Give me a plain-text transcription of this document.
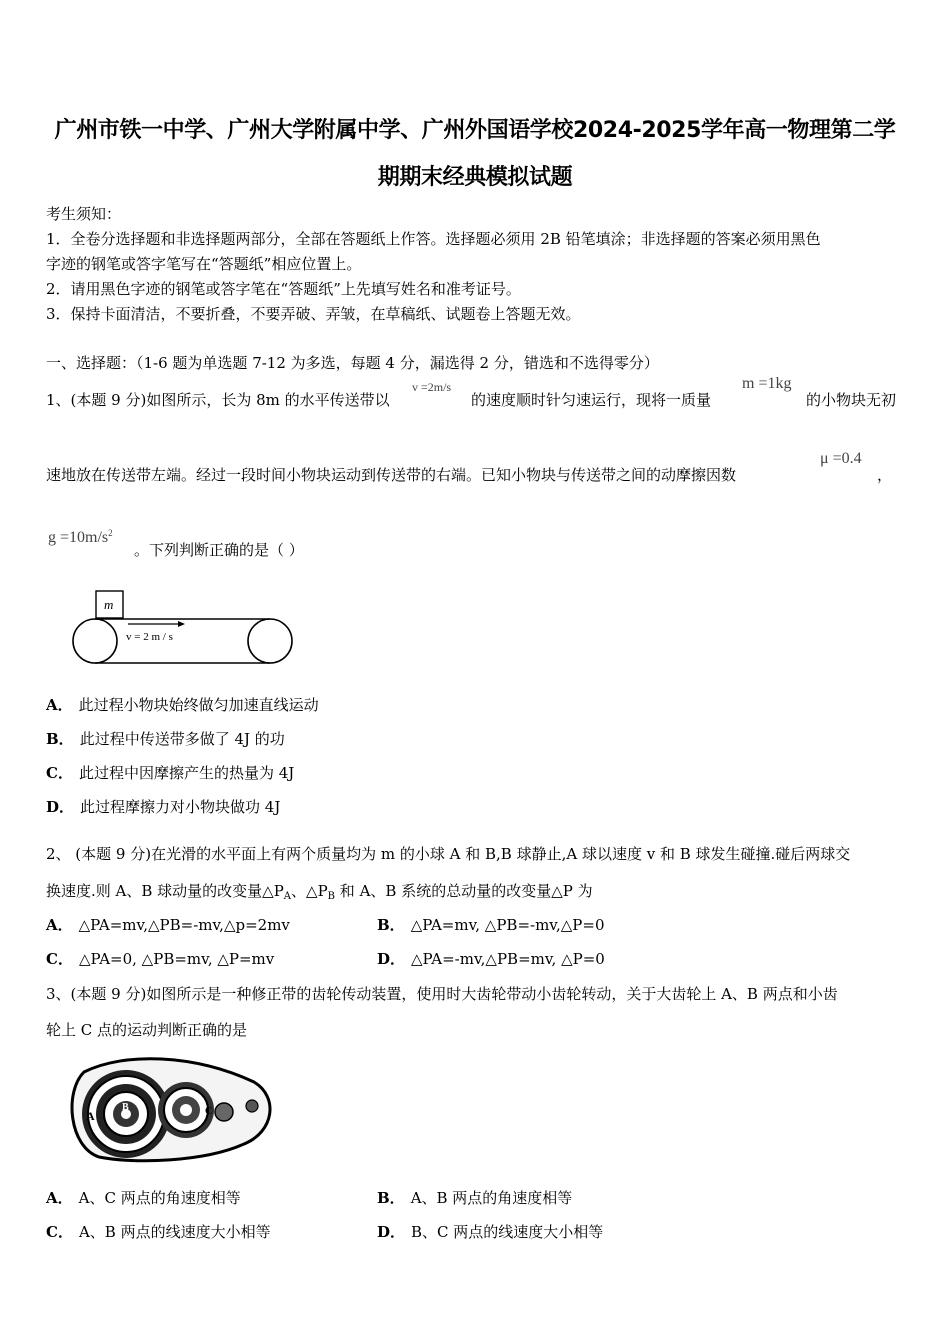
广州市铁一中学、广州大学附属中学、广州外国语学校2024-2025学年高一物理第二学
期期末经典模拟试题
考生须知：
1．全卷分选择题和非选择题两部分，全部在答题纸上作答。选择题必须用 2B 铅笔填涂；非选择题的答案必须用黑色
字迹的钢笔或答字笔写在“答题纸”相应位置上。
2．请用黑色字迹的钢笔或答字笔在“答题纸”上先填写姓名和准考证号。
3．保持卡面清洁，不要折叠，不要弄破、弄皱，在草稿纸、试题卷上答题无效。
一、选择题：（1-6 题为单选题 7-12 为多选，每题 4 分，漏选得 2 分，错选和不选得零分）
1、(本题 9 分)如图所示，长为 8m 的水平传送带以
v =2m/s
的速度顺时针匀速运行，现将一质量
m =1kg
的小物块无初
速地放在传送带左端。经过一段时间小物块运动到传送带的右端。已知小物块与传送带之间的动摩擦因数
μ =0.4
，
$g =10m/s^2$
。下列判断正确的是（ ）
m
v = 2 m / s
A． 此过程小物块始终做匀加速直线运动
B． 此过程中传送带多做了 4J 的功
C． 此过程中因摩擦产生的热量为 4J
D． 此过程摩擦力对小物块做功 4J
2、 (本题 9 分)在光滑的水平面上有两个质量均为 m 的小球 A 和 B,B 球静止,A 球以速度 v 和 B 球发生碰撞.碰后两球交
换速度.则 A、B 球动量的改变量$\triangle P_A$、$\triangle P_B$ 和 A、B 系统的总动量的改变量△P 为
A． △PA=mv,△PB=-mv,△p=2mv	B． △PA=mv, △PB=-mv,△P=0
C． △PA=0, △PB=mv, △P=mv	D． △PA=-mv,△PB=mv, △P=0
3、(本题 9 分)如图所示是一种修正带的齿轮传动装置，使用时大齿轮带动小齿轮转动，关于大齿轮上 A、B 两点和小齿
轮上 C 点的运动判断正确的是
A
B	C
A． A、C 两点的角速度相等	B． A、B 两点的角速度相等
C． A、B 两点的线速度大小相等	D． B、C 两点的线速度大小相等
